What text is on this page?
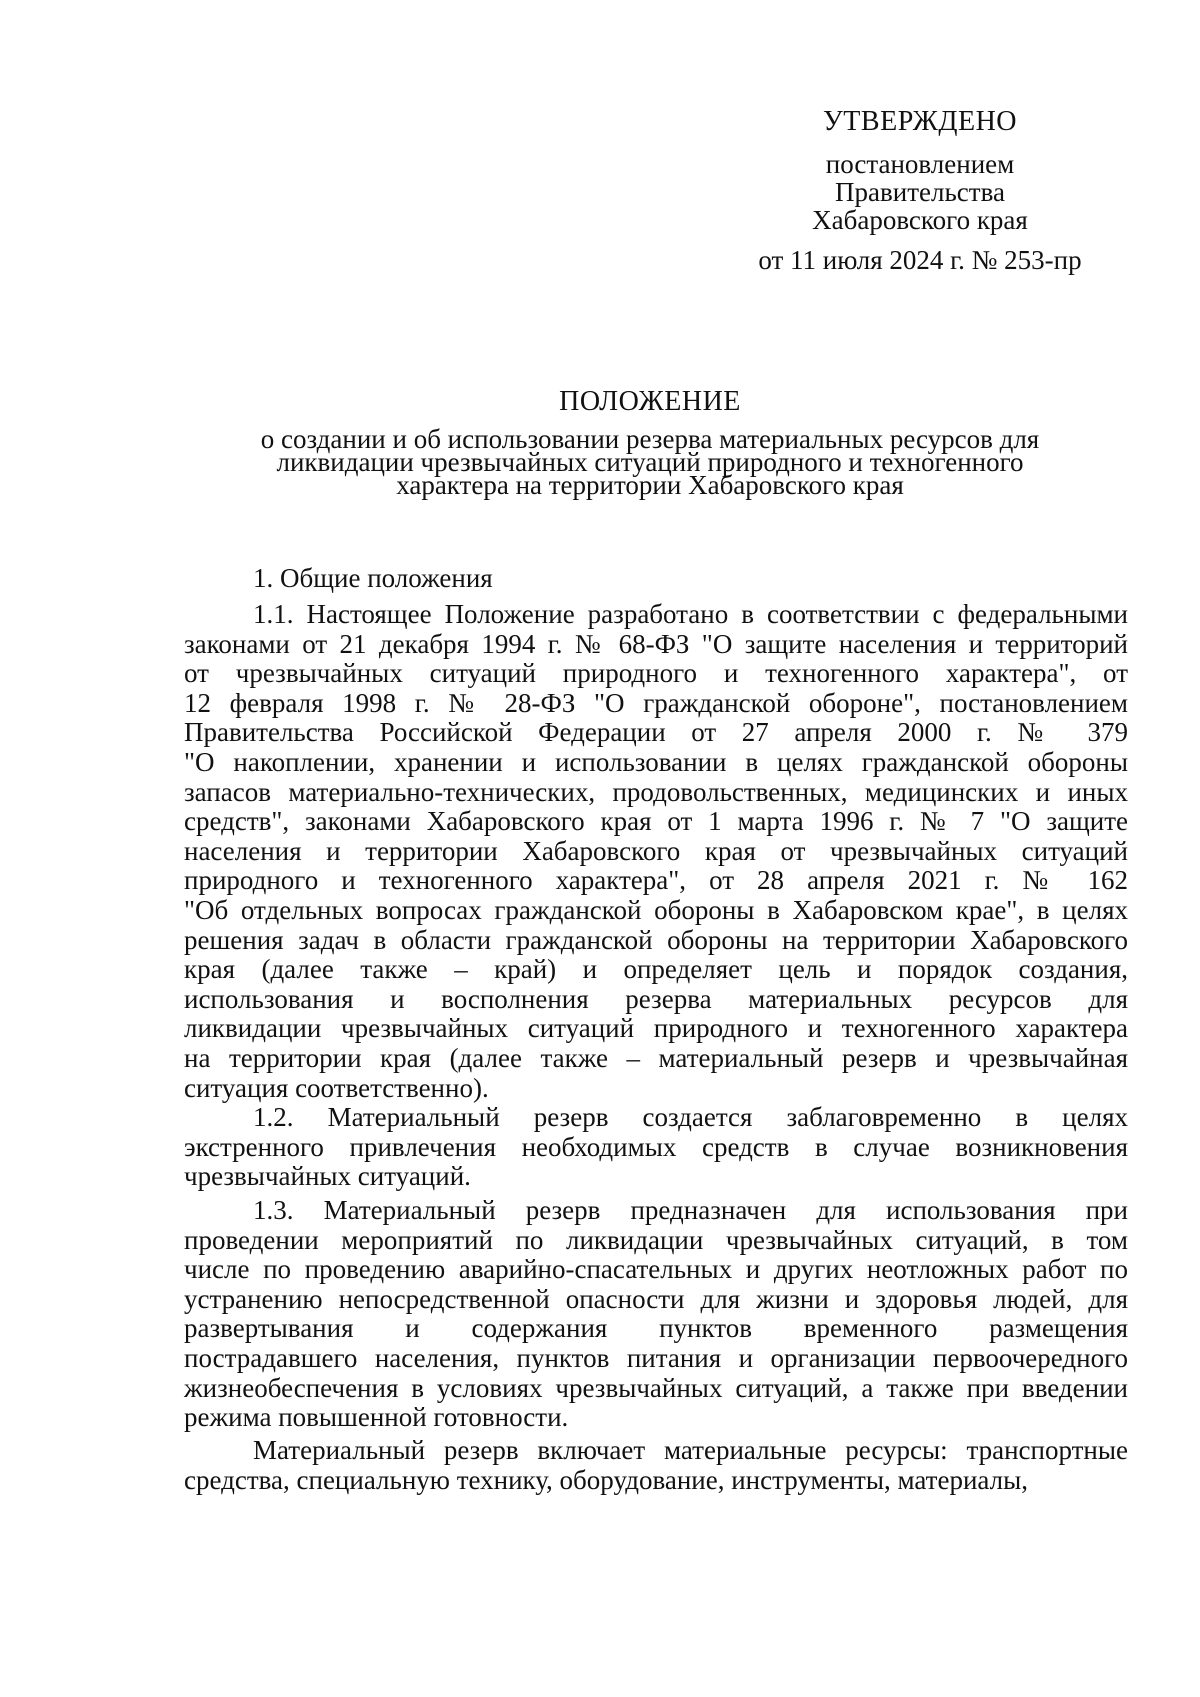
УТВЕРЖДЕНО
постановлением
Правительства
Хабаровского края
от 11 июля 2024 г. № 253-пр
ПОЛОЖЕНИЕ
о создании и об использовании резерва материальных ресурсов для
ликвидации чрезвычайных ситуаций природного и техногенного
характера на территории Хабаровского края
1. Общие положения
1.1. Настоящее Положение разработано в соответствии с федеральными
законами от 21 декабря 1994 г. № 68-ФЗ "О защите населения и территорий
от чрезвычайных ситуаций природного и техногенного характера", от
12 февраля 1998 г. № 28-ФЗ "О гражданской обороне", постановлением
Правительства Российской Федерации от 27 апреля 2000 г. № 379
"О накоплении, хранении и использовании в целях гражданской обороны
запасов материально-технических, продовольственных, медицинских и иных
средств", законами Хабаровского края от 1 марта 1996 г. № 7 "О защите
населения и территории Хабаровского края от чрезвычайных ситуаций
природного и техногенного характера", от 28 апреля 2021 г. № 162
"Об отдельных вопросах гражданской обороны в Хабаровском крае", в целях
решения задач в области гражданской обороны на территории Хабаровского
края (далее также – край) и определяет цель и порядок создания,
использования и восполнения резерва материальных ресурсов для
ликвидации чрезвычайных ситуаций природного и техногенного характера
на территории края (далее также – материальный резерв и чрезвычайная
ситуация соответственно).
1.2. Материальный резерв создается заблаговременно в целях
экстренного привлечения необходимых средств в случае возникновения
чрезвычайных ситуаций.
1.3. Материальный резерв предназначен для использования при
проведении мероприятий по ликвидации чрезвычайных ситуаций, в том
числе по проведению аварийно-спасательных и других неотложных работ по
устранению непосредственной опасности для жизни и здоровья людей, для
развертывания и содержания пунктов временного размещения
пострадавшего населения, пунктов питания и организации первоочередного
жизнеобеспечения в условиях чрезвычайных ситуаций, а также при введении
режима повышенной готовности.
Материальный резерв включает материальные ресурсы: транспортные
средства, специальную технику, оборудование, инструменты, материалы,
